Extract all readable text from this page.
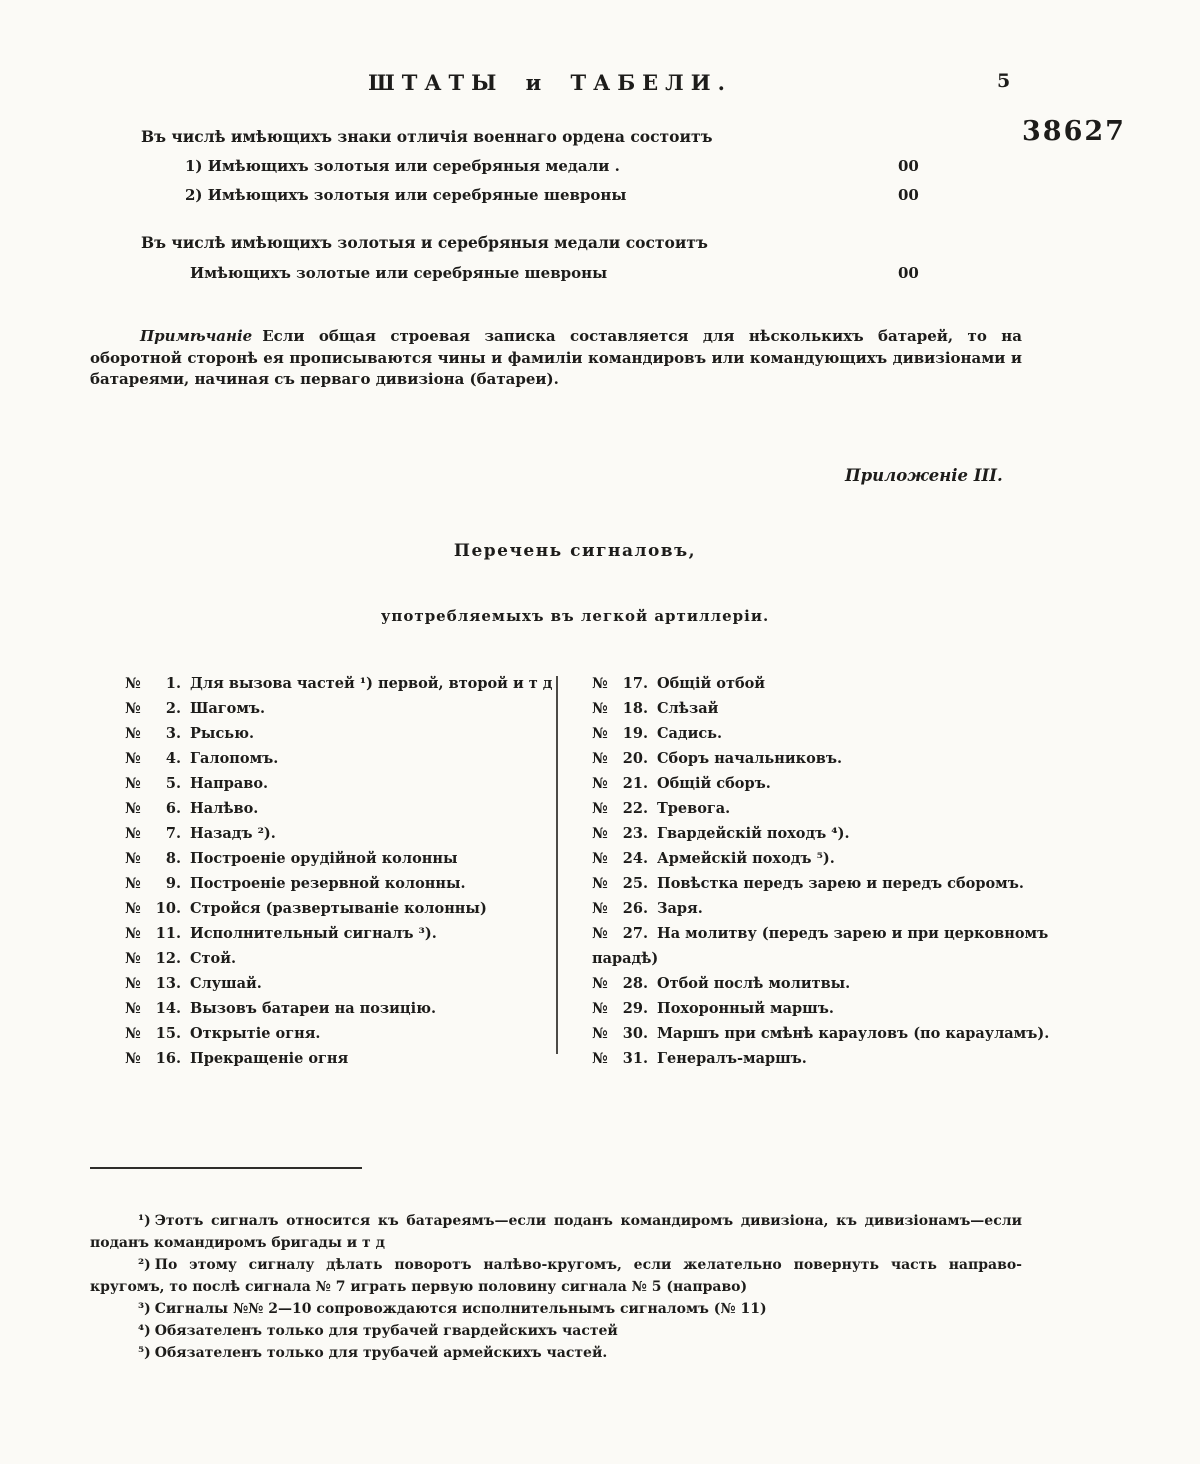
ШТАТЫ и ТАБЕЛИ.	5
38627
Въ числѣ имѣющихъ знаки отличія военнаго ордена состоитъ
1) Имѣющихъ золотыя или серебряныя медали .	00
2) Имѣющихъ золотыя или серебряные шевроны	00
Въ числѣ имѣющихъ золотыя и серебряныя медали состоитъ
Имѣющихъ золотые или серебряные шевроны	00

Примѣчаніе Если общая строевая записка составляется для нѣсколькихъ батарей, то на оборотной сторонѣ ея прописываются чины и фамиліи командировъ или командующихъ дивизіонами и батареями, начиная съ перваго дивизіона (батареи).

Приложеніе III.
Перечень сигналовъ,
употребляемыхъ въ легкой артиллеріи.
№ 1. Для вызова частей ¹) первой, второй и т д
№ 2. Шагомъ.
№ 3. Рысью.
№ 4. Галопомъ.
№ 5. Направо.
№ 6. Налѣво.
№ 7. Назадъ ²).
№ 8. Построеніе орудійной колонны
№ 9. Построеніе резервной колонны.
№ 10. Стройся (развертываніе колонны)
№ 11. Исполнительный сигналъ ³).
№ 12. Стой.
№ 13. Слушай.
№ 14. Вызовъ батареи на позицію.
№ 15. Открытіе огня.
№ 16. Прекращеніе огня
№ 17. Общій отбой
№ 18. Слѣзай
№ 19. Садись.
№ 20. Сборъ начальниковъ.
№ 21. Общій сборъ.
№ 22. Тревога.
№ 23. Гвардейскій походъ ⁴).
№ 24. Армейскій походъ ⁵).
№ 25. Повѣстка передъ зарею и передъ сборомъ.
№ 26. Заря.
№ 27. На молитву (передъ зарею и при церковномъ парадѣ)
№ 28. Отбой послѣ молитвы.
№ 29. Похоронный маршъ.
№ 30. Маршъ при смѣнѣ карауловъ (по карауламъ).
№ 31. Генералъ-маршъ.
¹) Этотъ сигналъ относится къ батареямъ—если поданъ командиромъ дивизіона, къ дивизіонамъ—если поданъ командиромъ бригады и т д
²) По этому сигналу дѣлать поворотъ налѣво-кругомъ, если желательно повернуть часть направо-кругомъ, то послѣ сигнала № 7 играть первую половину сигнала № 5 (направо)
³) Сигналы №№ 2—10 сопровождаются исполнительнымъ сигналомъ (№ 11)
⁴) Обязателенъ только для трубачей гвардейскихъ частей
⁵) Обязателенъ только для трубачей армейскихъ частей.
